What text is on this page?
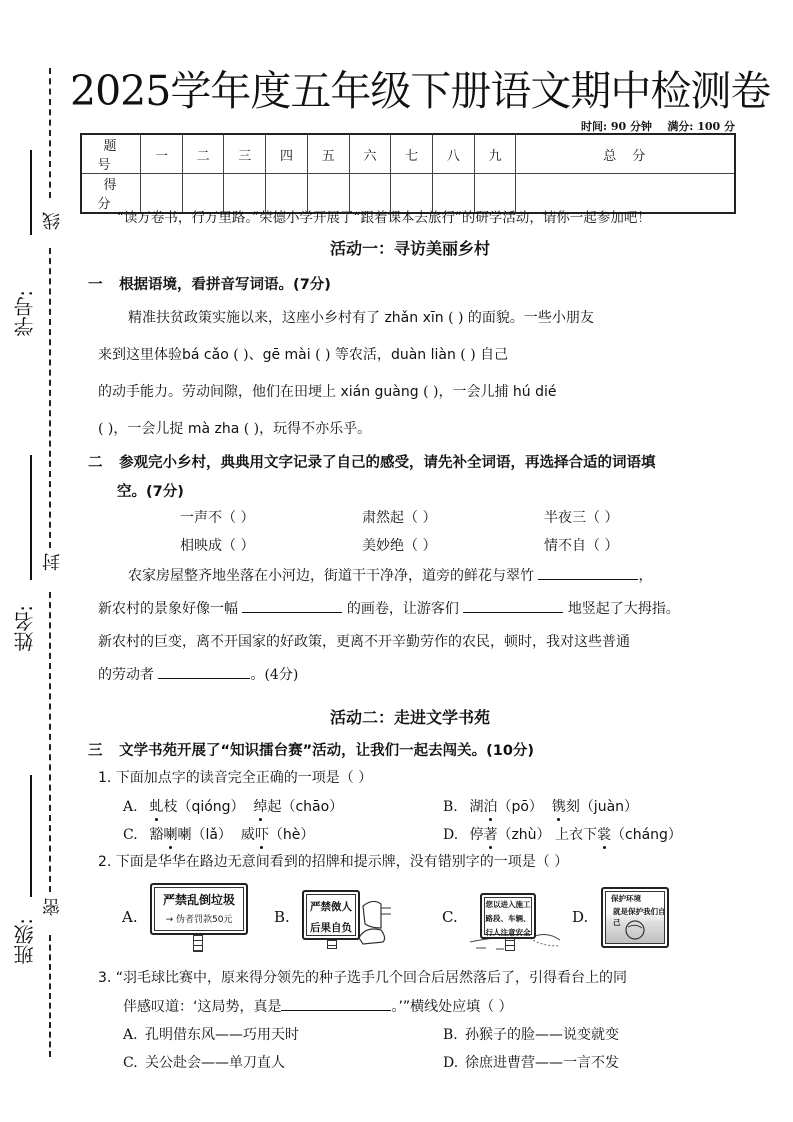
线
封
密
学号:
姓名:
班级:
2025学年度五年级下册语文期中检测卷
时间: 90 分钟 满分: 100 分
题号	一	二	三	四	五	六	七	八	九	总分
得分										
“读万卷书，行万里路。”荣德小学开展了“跟着课本去旅行”的研学活动，请你一起参加吧！
活动一：寻访美丽乡村
一 根据语境，看拼音写词语。(7分)
精准扶贫政策实施以来，这座小乡村有了 zhǎn xīn ( ) 的面貌。一些小朋友
来到这里体验bá cǎo ( )、gē mài ( ) 等农活，duàn liàn ( ) 自己
的动手能力。劳动间隙，他们在田埂上 xián guàng ( )，一会儿捕 hú dié
( )，一会儿捉 mà zha ( )，玩得不亦乐乎。
二 参观完小乡村，典典用文字记录了自己的感受，请先补全词语，再选择合适的词语填
空。(7分)
一声不（ ）	肃然起（ ）	半夜三（ ）
相映成（ ）	美妙绝（ ）	情不自（ ）
农家房屋整齐地坐落在小河边，街道干干净净，道旁的鲜花与翠竹	，
新农村的景象好像一幅	的画卷，让游客们	地竖起了大拇指。
新农村的巨变，离不开国家的好政策，更离不开辛勤劳作的农民，顿时，我对这些普通
的劳动者	。(4分)
活动二：走进文学书苑
三 文学书苑开展了“知识擂台赛”活动，让我们一起去闯关。(10分)
1. 下面加点字的读音完全正确的一项是（ ）
A. 虬枝（qióng） 绰起（chāo）	B. 湖泊（pō） 镌刻（juàn）
C. 豁喇喇（lǎ） 威吓（hè）	D. 停著（zhù） 上衣下裳（cháng）
2. 下面是华华在路边无意间看到的招牌和提示牌，没有错别字的一项是（ ）
A.
严禁乱倒垃圾
→ 伪者罚款50元	B.
严禁傚人
后果自负
C.
您以进入施工
路段、车辆、
行人注意安全
D.
保护环境
就是保护我们自己
3. “羽毛球比赛中，原来得分领先的种子选手几个回合后居然落后了，引得看台上的同
伴感叹道：‘这局势，真是	。’”横线处应填（ ）
A. 孔明借东风——巧用天时	B. 孙猴子的脸——说变就变
C. 关公赴会——单刀直人	D. 徐庶进曹营——一言不发
